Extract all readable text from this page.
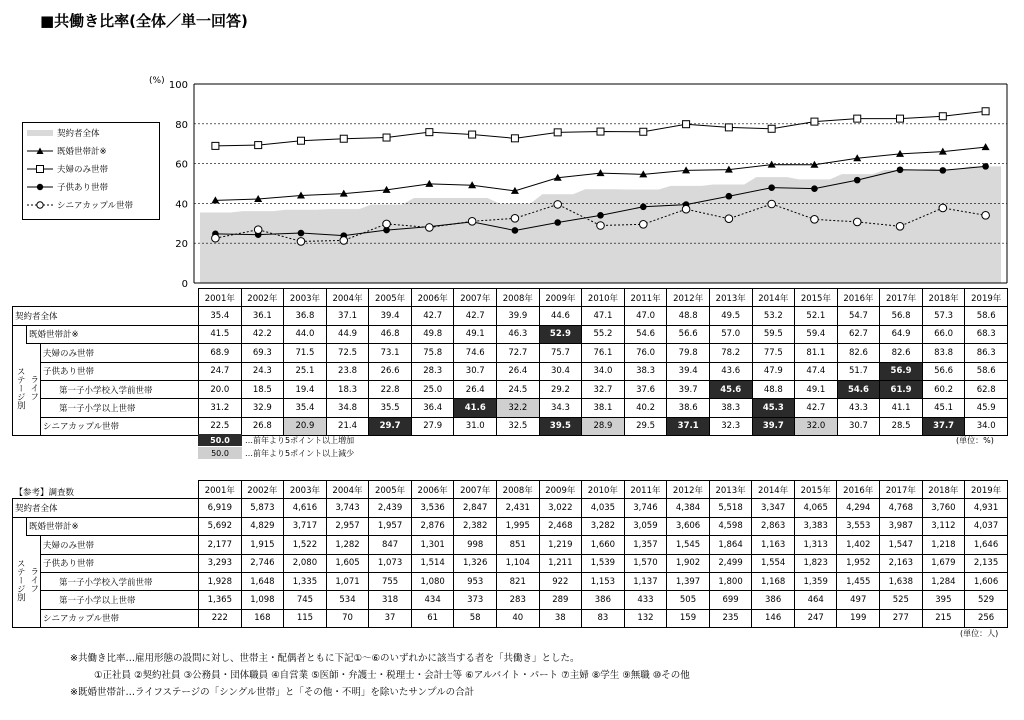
■共働き比率(全体／単一回答)
0
20
40
60
80
100
(%)
契約者全体
既婚世帯計※
夫婦のみ世帯
子供あり世帯
シニアカップル世帯
			2001年	2002年	2003年	2004年	2005年	2006年	2007年	2008年	2009年	2010年	2011年	2012年	2013年	2014年	2015年	2016年	2017年	2018年	2019年
契約者全体			35.4	36.1	36.8	37.1	39.4	42.7	42.7	39.9	44.6	47.1	47.0	48.8	49.5	53.2	52.1	54.7	56.8	57.3	58.6
	既婚世帯計※		41.5	42.2	44.0	44.9	46.8	49.8	49.1	46.3	52.9	55.2	54.6	56.6	57.0	59.5	59.4	62.7	64.9	66.0	68.3
ステージ別	ライフ	夫婦のみ世帯	68.9	69.3	71.5	72.5	73.1	75.8	74.6	72.7	75.7	76.1	76.0	79.8	78.2	77.5	81.1	82.6	82.6	83.8	86.3
		子供あり世帯	24.7	24.3	25.1	23.8	26.6	28.3	30.7	26.4	30.4	34.0	38.3	39.4	43.6	47.9	47.4	51.7	56.9	56.6	58.6
		第一子小学校入学前世帯	20.0	18.5	19.4	18.3	22.8	25.0	26.4	24.5	29.2	32.7	37.6	39.7	45.6	48.8	49.1	54.6	61.9	60.2	62.8
		第一子小学以上世帯	31.2	32.9	35.4	34.8	35.5	36.4	41.6	32.2	34.3	38.1	40.2	38.6	38.3	45.3	42.7	43.3	41.1	45.1	45.9
		シニアカップル世帯	22.5	26.8	20.9	21.4	29.7	27.9	31.0	32.5	39.5	28.9	29.5	37.1	32.3	39.7	32.0	30.7	28.5	37.7	34.0
50.0	…前年より5ポイント以上増加
50.0	…前年より5ポイント以上減少
(単位：%)
【参考】調査数			2001年	2002年	2003年	2004年	2005年	2006年	2007年	2008年	2009年	2010年	2011年	2012年	2013年	2014年	2015年	2016年	2017年	2018年	2019年
契約者全体			6,919	5,873	4,616	3,743	2,439	3,536	2,847	2,431	3,022	4,035	3,746	4,384	5,518	3,347	4,065	4,294	4,768	3,760	4,931
	既婚世帯計※		5,692	4,829	3,717	2,957	1,957	2,876	2,382	1,995	2,468	3,282	3,059	3,606	4,598	2,863	3,383	3,553	3,987	3,112	4,037
ステージ別	ライフ	夫婦のみ世帯	2,177	1,915	1,522	1,282	847	1,301	998	851	1,219	1,660	1,357	1,545	1,864	1,163	1,313	1,402	1,547	1,218	1,646
		子供あり世帯	3,293	2,746	2,080	1,605	1,073	1,514	1,326	1,104	1,211	1,539	1,570	1,902	2,499	1,554	1,823	1,952	2,163	1,679	2,135
		第一子小学校入学前世帯	1,928	1,648	1,335	1,071	755	1,080	953	821	922	1,153	1,137	1,397	1,800	1,168	1,359	1,455	1,638	1,284	1,606
		第一子小学以上世帯	1,365	1,098	745	534	318	434	373	283	289	386	433	505	699	386	464	497	525	395	529
		シニアカップル世帯	222	168	115	70	37	61	58	40	38	83	132	159	235	146	247	199	277	215	256
(単位：人)
※共働き比率…雇用形態の設問に対し、世帯主・配偶者ともに下記①～⑥のいずれかに該当する者を「共働き」とした。
①正社員 ②契約社員 ③公務員・団体職員 ④自営業 ⑤医師・弁護士・税理士・会計士等 ⑥アルバイト・パート ⑦主婦 ⑧学生 ⑨無職 ⑩その他
※既婚世帯計…ライフステージの「シングル世帯」と「その他・不明」を除いたサンプルの合計
